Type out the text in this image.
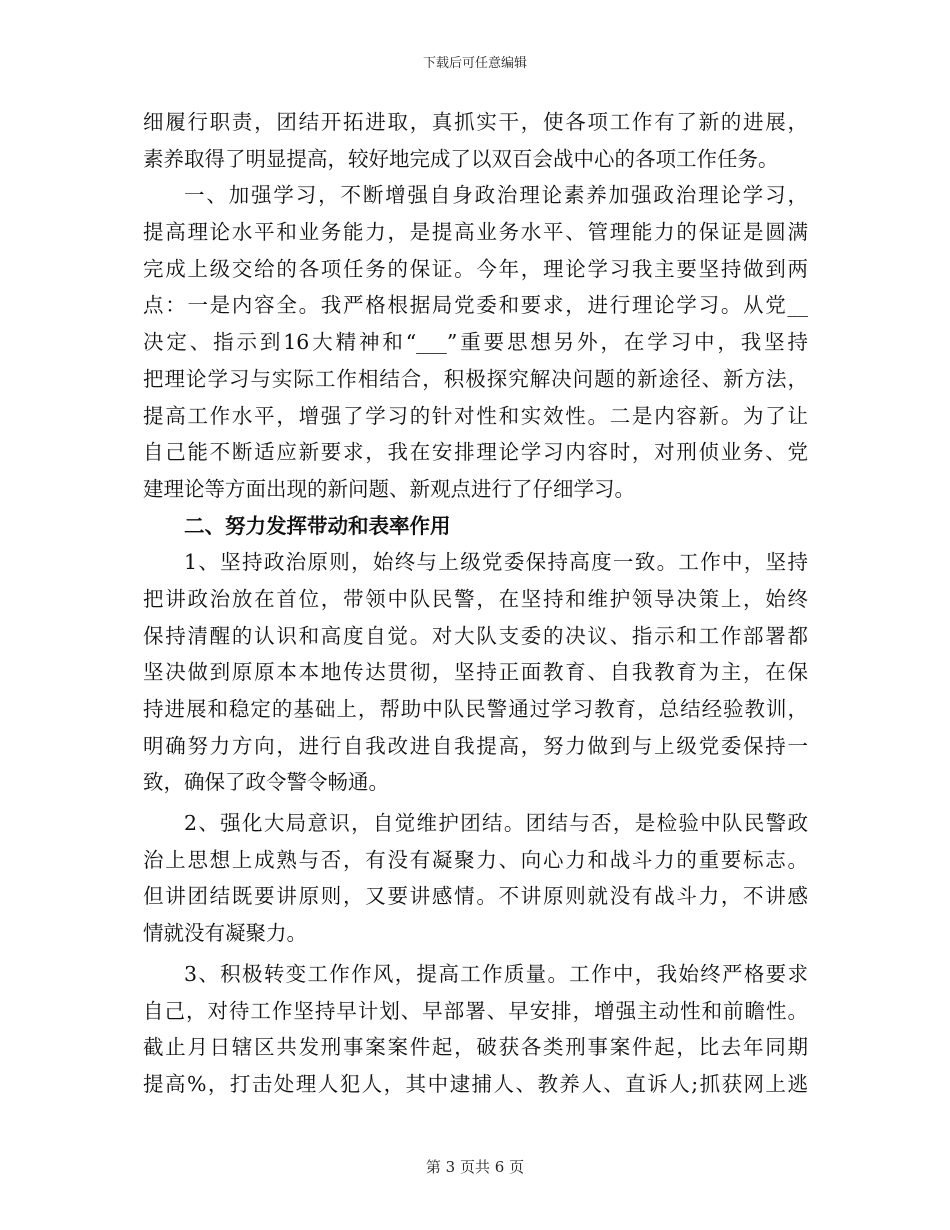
下载后可任意编辑
细履行职责，团结开拓进取，真抓实干，使各项工作有了新的进展，
素养取得了明显提高，较好地完成了以双百会战中心的各项工作任务。
一、加强学习，不断增强自身政治理论素养加强政治理论学习，
提高理论水平和业务能力，是提高业务水平、管理能力的保证是圆满
完成上级交给的各项任务的保证。今年，理论学习我主要坚持做到两
点：一是内容全。我严格根据局党委和要求，进行理论学习。从党__
决定、指示到16大精神和“___”重要思想另外，在学习中，我坚持
把理论学习与实际工作相结合，积极探究解决问题的新途径、新方法，
提高工作水平，增强了学习的针对性和实效性。二是内容新。为了让
自己能不断适应新要求，我在安排理论学习内容时，对刑侦业务、党
建理论等方面出现的新问题、新观点进行了仔细学习。
二、努力发挥带动和表率作用
1、坚持政治原则，始终与上级党委保持高度一致。工作中，坚持
把讲政治放在首位，带领中队民警，在坚持和维护领导决策上，始终
保持清醒的认识和高度自觉。对大队支委的决议、指示和工作部署都
坚决做到原原本本地传达贯彻，坚持正面教育、自我教育为主，在保
持进展和稳定的基础上，帮助中队民警通过学习教育，总结经验教训，
明确努力方向，进行自我改进自我提高，努力做到与上级党委保持一
致，确保了政令警令畅通。
2、强化大局意识，自觉维护团结。团结与否，是检验中队民警政
治上思想上成熟与否，有没有凝聚力、向心力和战斗力的重要标志。
但讲团结既要讲原则，又要讲感情。不讲原则就没有战斗力，不讲感
情就没有凝聚力。
3、积极转变工作作风，提高工作质量。工作中，我始终严格要求
自己，对待工作坚持早计划、早部署、早安排，增强主动性和前瞻性。
截止月日辖区共发刑事案案件起，破获各类刑事案件起，比去年同期
提高%，打击处理人犯人，其中逮捕人、教养人、直诉人;抓获网上逃
第 3 页共 6 页
